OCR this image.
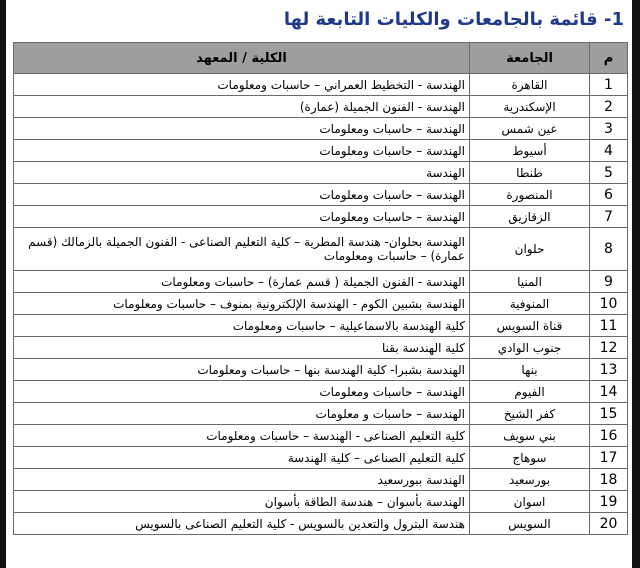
1- قائمة بالجامعات والكليات التابعة لها
م	الجامعة	الكلية / المعهد
1	القاهرة	الهندسة - التخطيط العمراني – حاسبات ومعلومات
2	الإسكندرية	الهندسة - الفنون الجميلة (عمارة)
3	عين شمس	الهندسة – حاسبات ومعلومات
4	أسيوط	الهندسة – حاسبات ومعلومات
5	طنطا	الهندسة
6	المنصورة	الهندسة – حاسبات ومعلومات
7	الزقازيق	الهندسة – حاسبات ومعلومات
8	حلوان	الهندسة بحلوان- هندسة المطرية – كلية التعليم الصناعى - الفنون الجميلة بالزمالك (قسم عمارة) – حاسبات ومعلومات
9	المنيا	الهندسة - الفنون الجميلة ( قسم عمارة) – حاسبات ومعلومات
10	المنوفية	الهندسة بشبين الكوم - الهندسة الإلكترونية بمنوف – حاسبات ومعلومات
11	قناة السويس	كلية الهندسة بالاسماعيلية – حاسبات ومعلومات
12	جنوب الوادي	كلية الهندسة بقنا
13	بنها	الهندسة بشبرا- كلية الهندسة بنها – حاسبات ومعلومات
14	الفيوم	الهندسة – حاسبات ومعلومات
15	كفر الشيخ	الهندسة – حاسبات و معلومات
16	بني سويف	كلية التعليم الصناعى - الهندسة – حاسبات ومعلومات
17	سوهاج	كلية التعليم الصناعى – كلية الهندسة
18	بورسعيد	الهندسة ببورسعيد
19	اسوان	الهندسة بأسوان – هندسة الطاقة بأسوان
20	السويس	هندسة البترول والتعدين بالسويس - كلية التعليم الصناعى بالسويس
